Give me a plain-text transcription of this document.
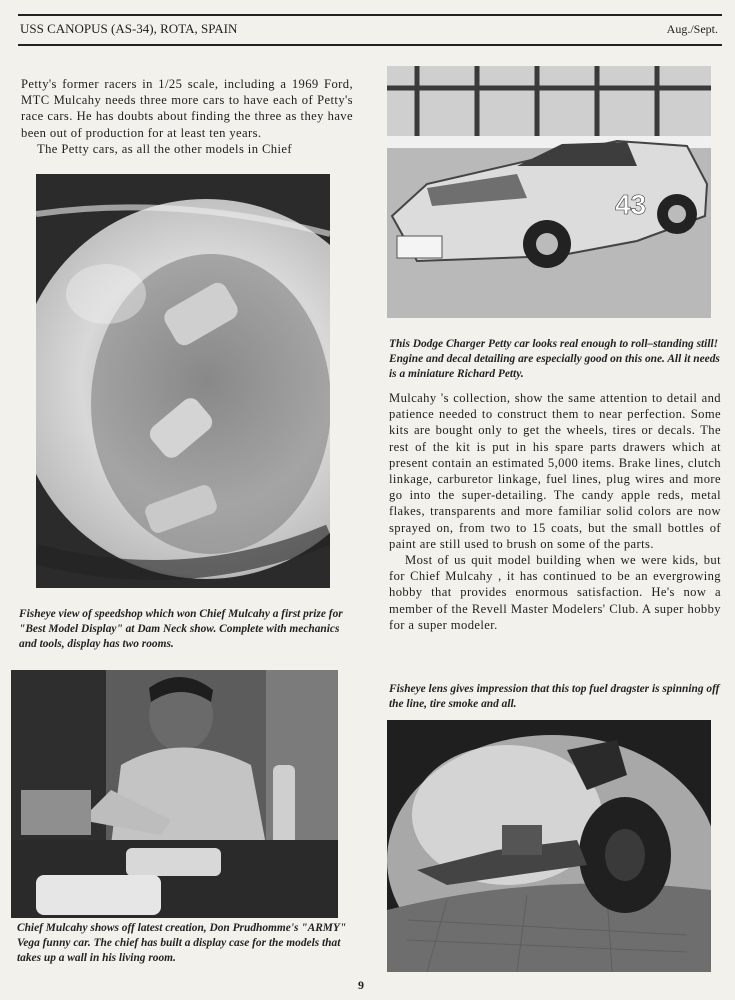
USS CANOPUS (AS-34), ROTA, SPAIN	Aug./Sept.

Petty's former racers in 1/25 scale, including a 1969 Ford, MTC Mulcahy needs three more cars to have each of Petty's race cars. He has doubts about finding the three as they have been out of production for at least ten years.

The Petty cars, as all the other models in Chief

Fisheye view of speedshop which won Chief Mulcahy a first prize for "Best Model Display" at Dam Neck show. Complete with mechanics and tools, display has two rooms.
Chief Mulcahy shows off latest creation, Don Prudhomme's "ARMY" Vega funny car. The chief has built a display case for the models that takes up a wall in his living room.
43
This Dodge Charger Petty car looks real enough to roll–standing still! Engine and decal detailing are especially good on this one. All it needs is a miniature Richard Petty.

Mulcahy 's collection, show the same attention to detail and patience needed to construct them to near perfection. Some kits are bought only to get the wheels, tires or decals. The rest of the kit is put in his spare parts drawers which at present contain an estimated 5,000 items. Brake lines, clutch linkage, carburetor linkage, fuel lines, plug wires and more go into the super-detailing. The candy apple reds, metal flakes, transparents and more familiar solid colors are now sprayed on, from two to 15 coats, but the small bottles of paint are still used to brush on some of the parts.

Most of us quit model building when we were kids, but for Chief Mulcahy , it has continued to be an evergrowing hobby that provides enormous satisfaction. He's now a member of the Revell Master Modelers' Club. A super hobby for a super modeler.

Fisheye lens gives impression that this top fuel dragster is spinning off the line, tire smoke and all.
9
